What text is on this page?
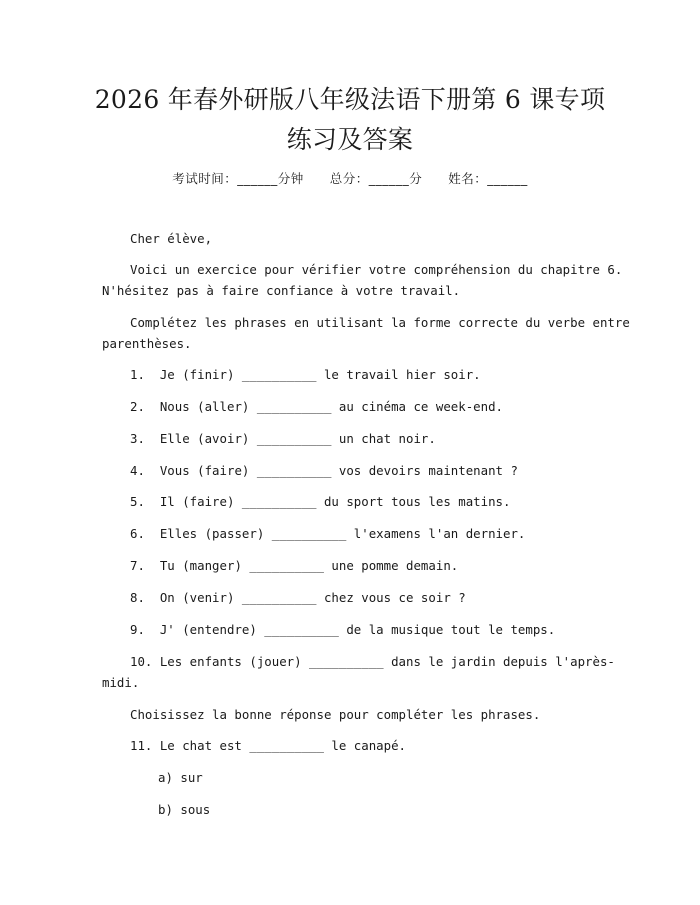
2026 年春外研版八年级法语下册第 6 课专项
练习及答案
考试时间：______分钟 总分：______分 姓名：______
Cher élève,
Voici un exercice pour vérifier votre compréhension du chapitre 6.
N'hésitez pas à faire confiance à votre travail.
Complétez les phrases en utilisant la forme correcte du verbe entre
parenthèses.
1. Je (finir) __________ le travail hier soir.
2. Nous (aller) __________ au cinéma ce week-end.
3. Elle (avoir) __________ un chat noir.
4. Vous (faire) __________ vos devoirs maintenant ?
5. Il (faire) __________ du sport tous les matins.
6. Elles (passer) __________ l'examens l'an dernier.
7. Tu (manger) __________ une pomme demain.
8. On (venir) __________ chez vous ce soir ?
9. J' (entendre) __________ de la musique tout le temps.
10. Les enfants (jouer) __________ dans le jardin depuis l'après-
midi.
Choisissez la bonne réponse pour compléter les phrases.
11. Le chat est __________ le canapé.
a) sur
b) sous
